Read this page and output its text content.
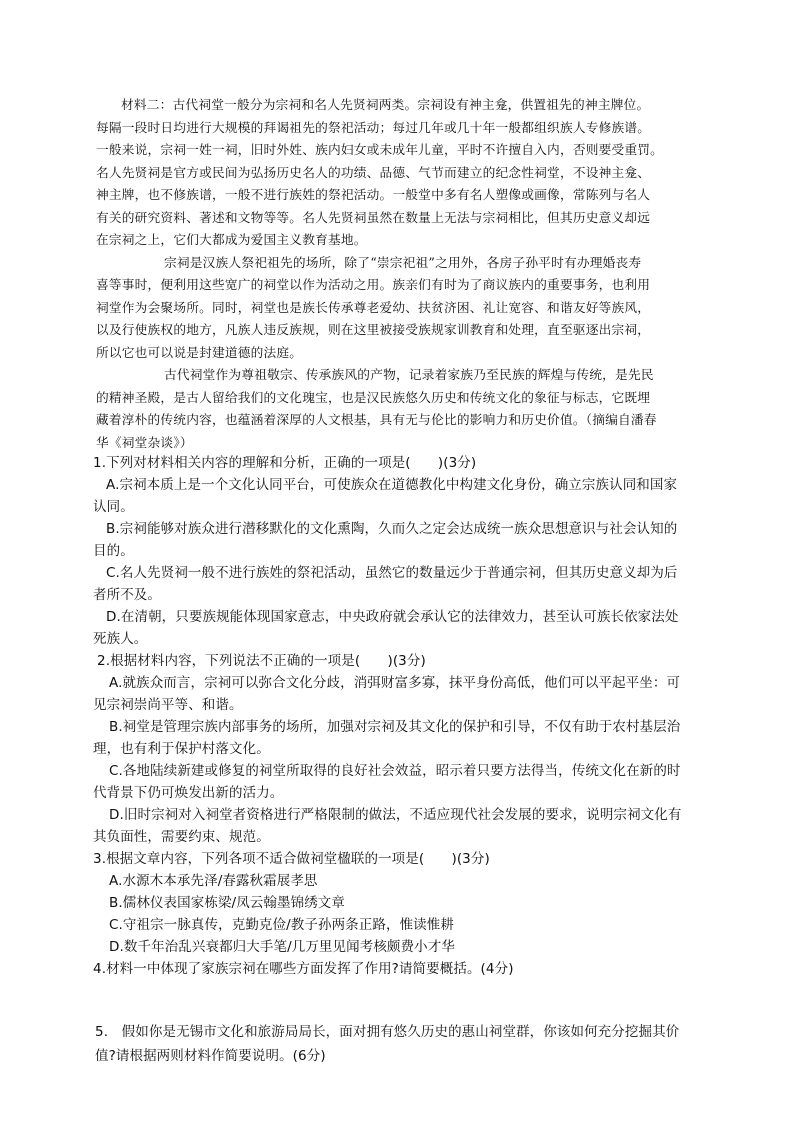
材料二：古代祠堂一般分为宗祠和名人先贤祠两类。宗祠设有神主龛，供置祖先的神主牌位。
每隔一段时日均进行大规模的拜谒祖先的祭祀活动；每过几年或几十年一般都组织族人专修族谱。
一般来说，宗祠一姓一祠，旧时外姓、族内妇女或未成年儿童，平时不许擅自入内，否则要受重罚。
名人先贤祠是官方或民间为弘扬历史名人的功绩、品德、气节而建立的纪念性祠堂，不设神主龛、
神主牌，也不修族谱，一般不进行族姓的祭祀活动。一般堂中多有名人塑像或画像，常陈列与名人
有关的研究资料、著述和文物等等。名人先贤祠虽然在数量上无法与宗祠相比，但其历史意义却远
在宗祠之上，它们大都成为爱国主义教育基地。
宗祠是汉族人祭祀祖先的场所，除了“崇宗祀祖”之用外，各房子孙平时有办理婚丧寿
喜等事时，便利用这些宽广的祠堂以作为活动之用。族亲们有时为了商议族内的重要事务，也利用
祠堂作为会聚场所。同时，祠堂也是族长传承尊老爱幼、扶贫济困、礼让宽容、和谐友好等族风，
以及行使族权的地方，凡族人违反族规，则在这里被接受族规家训教育和处理，直至驱逐出宗祠，
所以它也可以说是封建道德的法庭。
古代祠堂作为尊祖敬宗、传承族风的产物，记录着家族乃至民族的辉煌与传统，是先民
的精神圣殿，是古人留给我们的文化瑰宝，也是汉民族悠久历史和传统文化的象征与标志，它既埋
藏着淳朴的传统内容，也蕴涵着深厚的人文根基，具有无与伦比的影响力和历史价值。（摘编自潘春
华《祠堂杂谈》）
1.下列对材料相关内容的理解和分析，正确的一项是(　　)(3分)
A.宗祠本质上是一个文化认同平台，可使族众在道德教化中构建文化身份，确立宗族认同和国家
认同。
B.宗祠能够对族众进行潜移默化的文化熏陶，久而久之定会达成统一族众思想意识与社会认知的
目的。
C.名人先贤祠一般不进行族姓的祭祀活动，虽然它的数量远少于普通宗祠，但其历史意义却为后
者所不及。
D.在清朝，只要族规能体现国家意志，中央政府就会承认它的法律效力，甚至认可族长依家法处
死族人。
2.根据材料内容，下列说法不正确的一项是(　　)(3分)
A.就族众而言，宗祠可以弥合文化分歧，消弭财富多寡，抹平身份高低，他们可以平起平坐：可
见宗祠崇尚平等、和谐。
B.祠堂是管理宗族内部事务的场所，加强对宗祠及其文化的保护和引导，不仅有助于农村基层治
理，也有利于保护村落文化。
C.各地陆续新建或修复的祠堂所取得的良好社会效益，昭示着只要方法得当，传统文化在新的时
代背景下仍可焕发出新的活力。
D.旧时宗祠对入祠堂者资格进行严格限制的做法，不适应现代社会发展的要求，说明宗祠文化有
其负面性，需要约束、规范。
3.根据文章内容，下列各项不适合做祠堂楹联的一项是(　　)(3分)
A.水源木本承先泽/春露秋霜展孝思
B.儒林仪表国家栋梁/凤云翰墨锦绣文章
C.守祖宗一脉真传，克勤克俭/教子孙两条正路，惟读惟耕
D.数千年治乱兴衰都归大手笔/几万里见闻考核颇费小才华
4.材料一中体现了家族宗祠在哪些方面发挥了作用?请简要概括。(4分)
5.　假如你是无锡市文化和旅游局局长，面对拥有悠久历史的惠山祠堂群，你该如何充分挖掘其价
值?请根据两则材料作简要说明。(6分)
